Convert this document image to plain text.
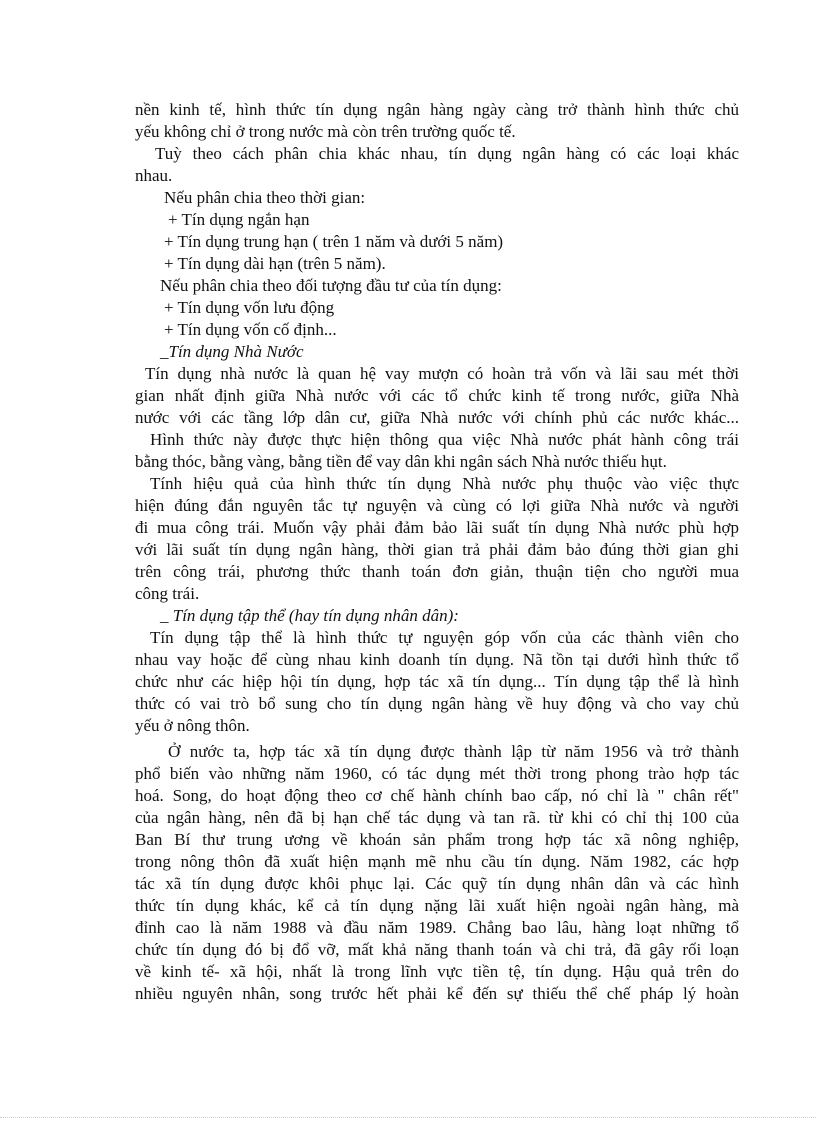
nền kinh tế, hình thức tín dụng ngân hàng ngày càng trở thành hình thức chủ
yếu không chỉ ở trong nước mà còn trên trường quốc tế.
Tuỳ theo cách phân chia khác nhau, tín dụng ngân hàng có các loại khác
nhau.
Nếu phân chia theo thời gian:
+ Tín dụng ngắn hạn
+ Tín dụng trung hạn ( trên 1 năm và dưới 5 năm)
+ Tín dụng dài hạn (trên 5 năm).
Nếu phân chia theo đối tượng đầu tư của tín dụng:
+ Tín dụng vốn lưu động
+ Tín dụng vốn cố định...
_Tín dụng Nhà Nước
Tín dụng nhà nước là quan hệ vay mượn có hoàn trả vốn và lãi sau mét thời
gian nhất định giữa Nhà nước với các tổ chức kinh tế trong nước, giữa Nhà
nước với các tầng lớp dân cư, giữa Nhà nước với chính phủ các nước khác...
Hình thức này được thực hiện thông qua việc Nhà nước phát hành công trái
bằng thóc, bằng vàng, bằng tiền để vay dân khi ngân sách Nhà nước thiếu hụt.
Tính hiệu quả của hình thức tín dụng Nhà nước phụ thuộc vào việc thực
hiện đúng đắn nguyên tắc tự nguyện và cùng có lợi giữa Nhà nước và người
đi mua công trái. Muốn vậy phải đảm bảo lãi suất tín dụng Nhà nước phù hợp
với lãi suất tín dụng ngân hàng, thời gian trả phải đảm bảo đúng thời gian ghi
trên công trái, phương thức thanh toán đơn giản, thuận tiện cho người mua
công trái.
_ Tín dụng tập thể (hay tín dụng nhân dân):
Tín dụng tập thể là hình thức tự nguyện góp vốn của các thành viên cho
nhau vay hoặc để cùng nhau kinh doanh tín dụng. Nã tồn tại dưới hình thức tổ
chức như các hiệp hội tín dụng, hợp tác xã tín dụng... Tín dụng tập thể là hình
thức có vai trò bổ sung cho tín dụng ngân hàng về huy động và cho vay chủ
yếu ở nông thôn.
Ở nước ta, hợp tác xã tín dụng được thành lập từ năm 1956 và trở thành
phổ biến vào những năm 1960, có tác dụng mét thời trong phong trào hợp tác
hoá. Song, do hoạt động theo cơ chế hành chính bao cấp, nó chỉ là " chân rết"
của ngân hàng, nên đã bị hạn chế tác dụng và tan rã. từ khi có chỉ thị 100 của
Ban Bí thư trung ương về khoán sản phẩm trong hợp tác xã nông nghiệp,
trong nông thôn đã xuất hiện mạnh mẽ nhu cầu tín dụng. Năm 1982, các hợp
tác xã tín dụng được khôi phục lại. Các quỹ tín dụng nhân dân và các hình
thức tín dụng khác, kể cả tín dụng nặng lãi xuất hiện ngoài ngân hàng, mà
đỉnh cao là năm 1988 và đầu năm 1989. Chẳng bao lâu, hàng loạt những tổ
chức tín dụng đó bị đổ vỡ, mất khả năng thanh toán và chi trả, đã gây rối loạn
về kinh tế- xã hội, nhất là trong lĩnh vực tiền tệ, tín dụng. Hậu quả trên do
nhiều nguyên nhân, song trước hết phải kể đến sự thiếu thể chế pháp lý hoàn
